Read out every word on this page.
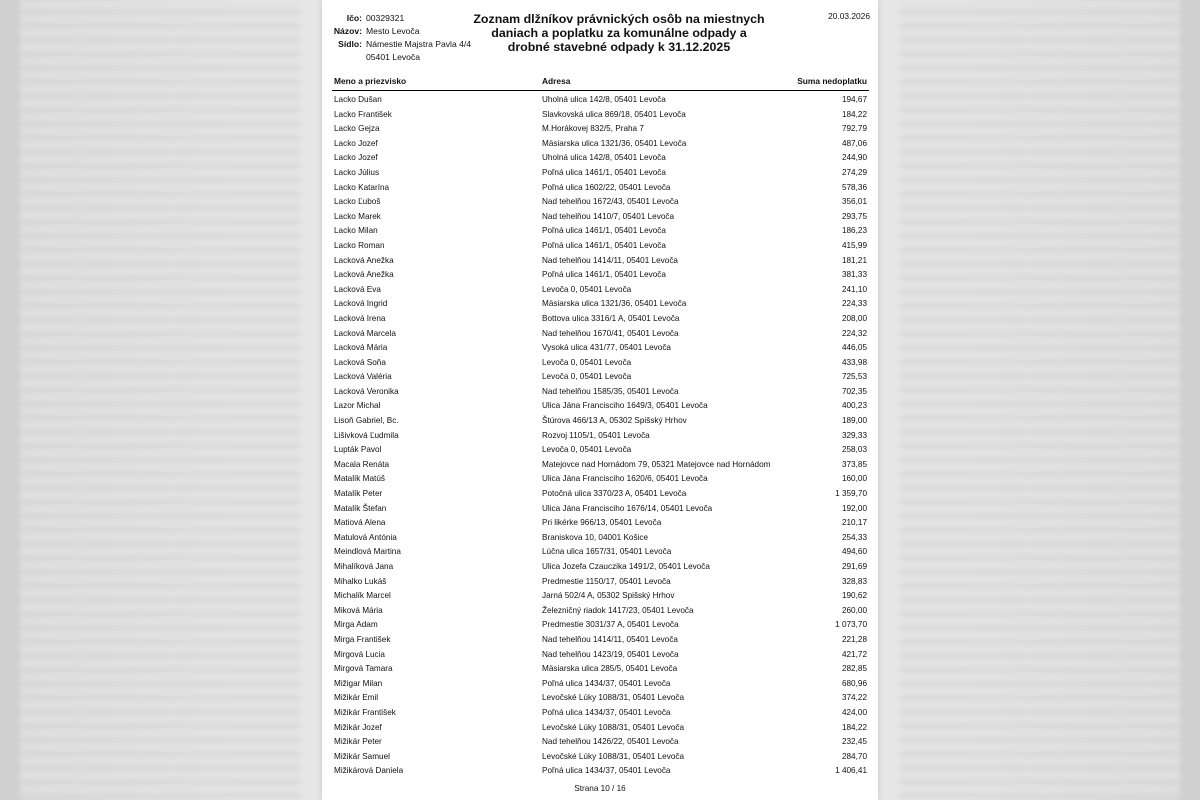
Ičo: 00329321
Názov: Mesto Levoča
Sídlo: Námestie Majstra Pavla 4/4
05401 Levoča
Zoznam dlžníkov právnických osôb na miestnych
daniach a poplatku za komunálne odpady a
drobné stavebné odpady k 31.12.2025
20.03.2026
Meno a priezvisko	Adresa	Suma nedoplatku
Lacko Dušan	Uholná ulica 142/8, 05401 Levoča	194,67
Lacko František	Slavkovská ulica 869/18, 05401 Levoča	184,22
Lacko Gejza	M.Horákovej 832/5, Praha 7	792,79
Lacko Jozef	Mäsiarska ulica 1321/36, 05401 Levoča	487,06
Lacko Jozef	Uholná ulica 142/8, 05401 Levoča	244,90
Lacko Július	Poľná ulica 1461/1, 05401 Levoča	274,29
Lacko Katarína	Poľná ulica 1602/22, 05401 Levoča	578,36
Lacko Ľuboš	Nad tehelňou 1672/43, 05401 Levoča	356,01
Lacko Marek	Nad tehelňou 1410/7, 05401 Levoča	293,75
Lacko Milan	Poľná ulica 1461/1, 05401 Levoča	186,23
Lacko Roman	Poľná ulica 1461/1, 05401 Levoča	415,99
Lacková Anežka	Nad tehelňou 1414/11, 05401 Levoča	181,21
Lacková Anežka	Poľná ulica 1461/1, 05401 Levoča	381,33
Lacková Eva	Levoča 0, 05401 Levoča	241,10
Lacková Ingrid	Mäsiarska ulica 1321/36, 05401 Levoča	224,33
Lacková Irena	Bottova ulica 3316/1 A, 05401 Levoča	208,00
Lacková Marcela	Nad tehelňou 1670/41, 05401 Levoča	224,32
Lacková Mária	Vysoká ulica 431/77, 05401 Levoča	446,05
Lacková Soňa	Levoča 0, 05401 Levoča	433,98
Lacková Valéria	Levoča 0, 05401 Levoča	725,53
Lacková Veronika	Nad tehelňou 1585/35, 05401 Levoča	702,35
Lazor Michal	Ulica Jána Francisciho 1649/3, 05401 Levoča	400,23
Lisoň Gabriel, Bc.	Štúrova 466/13 A, 05302 Spišský Hrhov	189,00
Lišivková Ľudmila	Rozvoj 1105/1, 05401 Levoča	329,33
Lupták Pavol	Levoča 0, 05401 Levoča	258,03
Macala Renáta	Matejovce nad Hornádom 79, 05321 Matejovce nad Hornádom	373,85
Matalík Matúš	Ulica Jána Francisciho 1620/6, 05401 Levoča	160,00
Matalík Peter	Potočná ulica 3370/23 A, 05401 Levoča	1 359,70
Matalík Štefan	Ulica Jána Francisciho 1676/14, 05401 Levoča	192,00
Matiová Alena	Pri likérke 966/13, 05401 Levoča	210,17
Matulová Antónia	Braniskova 10, 04001 Košice	254,33
Meindlová Martina	Lúčna ulica 1657/31, 05401 Levoča	494,60
Mihalíková Jana	Ulica Jozefa Czauczika 1491/2, 05401 Levoča	291,69
Mihalko Lukáš	Predmestie 1150/17, 05401 Levoča	328,83
Michalík Marcel	Jarná 502/4 A, 05302 Spišský Hrhov	190,62
Miková Mária	Železničný riadok 1417/23, 05401 Levoča	260,00
Mirga Adam	Predmestie 3031/37 A, 05401 Levoča	1 073,70
Mirga František	Nad tehelňou 1414/11, 05401 Levoča	221,28
Mirgová Lucia	Nad tehelňou 1423/19, 05401 Levoča	421,72
Mirgová Tamara	Mäsiarska ulica 285/5, 05401 Levoča	282,85
Mižigar Milan	Poľná ulica 1434/37, 05401 Levoča	680,96
Mižikár Emil	Levočské Lúky 1088/31, 05401 Levoča	374,22
Mižikár František	Poľná ulica 1434/37, 05401 Levoča	424,00
Mižikár Jozef	Levočské Lúky 1088/31, 05401 Levoča	184,22
Mižikár Peter	Nad tehelňou 1426/22, 05401 Levoča	232,45
Mižikár Samuel	Levočské Lúky 1088/31, 05401 Levoča	284,70
Mižikárová Daniela	Poľná ulica 1434/37, 05401 Levoča	1 406,41
Strana 10 / 16
